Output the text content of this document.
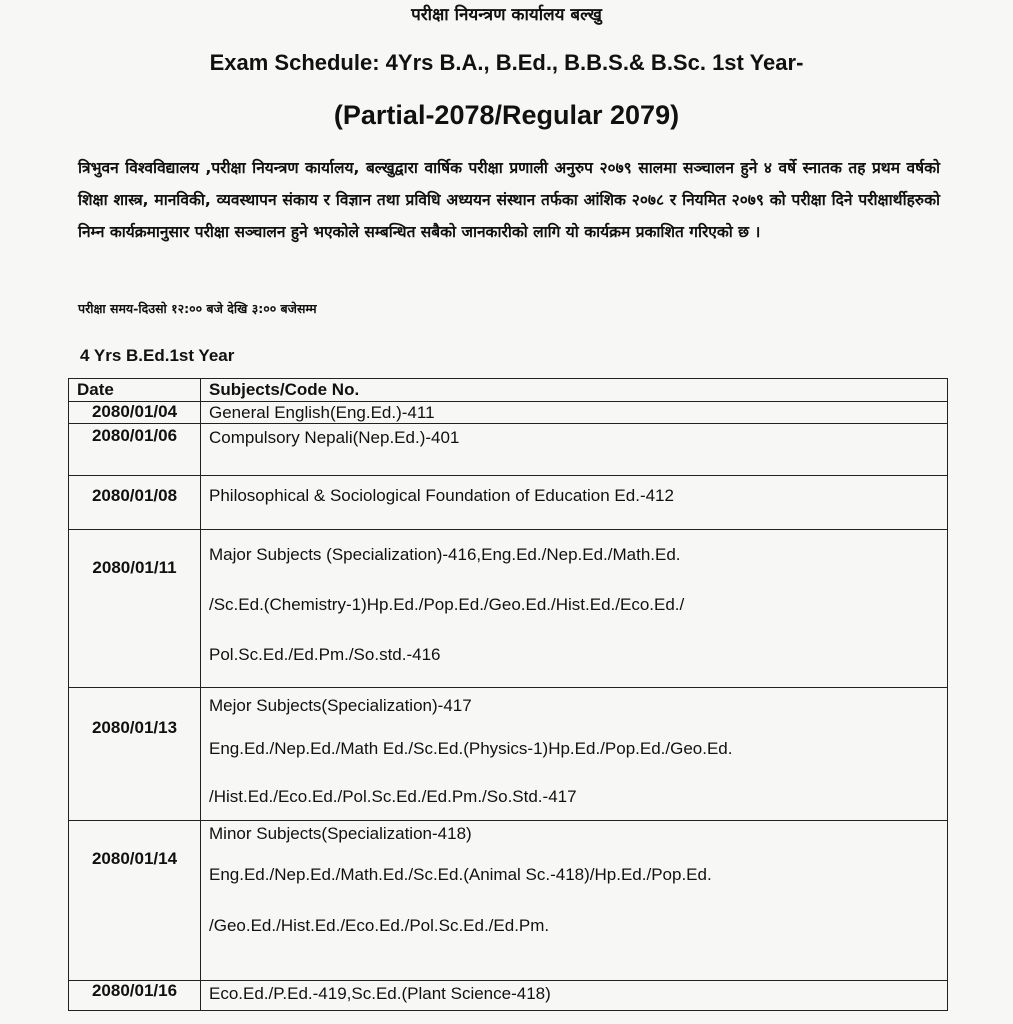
परीक्षा नियन्त्रण कार्यालय बल्खु
Exam Schedule: 4Yrs B.A., B.Ed., B.B.S.& B.Sc. 1st Year-
(Partial-2078/Regular 2079)
त्रिभुवन विश्वविद्यालय ,परीक्षा नियन्त्रण कार्यालय, बल्खुद्वारा वार्षिक परीक्षा प्रणाली अनुरुप २०७९ सालमा सञ्चालन हुने ४ वर्षे स्नातक तह प्रथम वर्षको शिक्षा शास्त्र, मानविकी, व्यवस्थापन संकाय र विज्ञान तथा प्रविधि अध्ययन संस्थान तर्फका आंशिक २०७८ र नियमित २०७९ को परीक्षा दिने परीक्षार्थीहरुको निम्न कार्यक्रमानुसार परीक्षा सञ्चालन हुने भएकोले सम्बन्धित सबैको जानकारीको लागि यो कार्यक्रम प्रकाशित गरिएको छ ।
परीक्षा समय-दिउसो १२:०० बजे देखि ३:०० बजेसम्म
4 Yrs B.Ed.1st Year
Date	Subjects/Code No.
2080/01/04	General English(Eng.Ed.)-411

2080/01/06	Compulsory Nepali(Nep.Ed.)-401

2080/01/08	Philosophical & Sociological Foundation of Education Ed.-412

2080/01/11	Major Subjects (Specialization)-416,Eng.Ed./Nep.Ed./Math.Ed.
/Sc.Ed.(Chemistry-1)Hp.Ed./Pop.Ed./Geo.Ed./Hist.Ed./Eco.Ed./
Pol.Sc.Ed./Ed.Pm./So.std.-416

2080/01/13	Mejor Subjects(Specialization)-417
Eng.Ed./Nep.Ed./Math Ed./Sc.Ed.(Physics-1)Hp.Ed./Pop.Ed./Geo.Ed.
/Hist.Ed./Eco.Ed./Pol.Sc.Ed./Ed.Pm./So.Std.-417

2080/01/14	Minor Subjects(Specialization-418)
Eng.Ed./Nep.Ed./Math.Ed./Sc.Ed.(Animal Sc.-418)/Hp.Ed./Pop.Ed.
/Geo.Ed./Hist.Ed./Eco.Ed./Pol.Sc.Ed./Ed.Pm.

2080/01/16	Eco.Ed./P.Ed.-419,Sc.Ed.(Plant Science-418)
